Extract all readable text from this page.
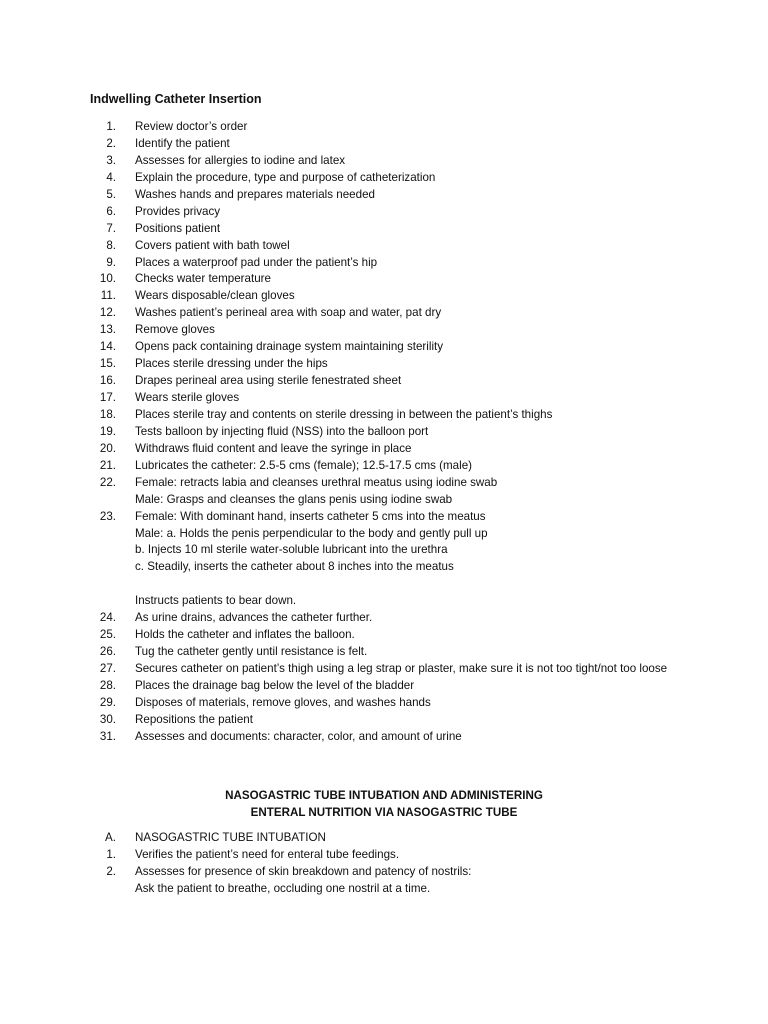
Indwelling Catheter Insertion
1. Review doctor’s order
2. Identify the patient
3. Assesses for allergies to iodine and latex
4. Explain the procedure, type and purpose of catheterization
5. Washes hands and prepares materials needed
6. Provides privacy
7. Positions patient
8. Covers patient with bath towel
9. Places a waterproof pad under the patient’s hip
10. Checks water temperature
11. Wears disposable/clean gloves
12. Washes patient’s perineal area with soap and water, pat dry
13. Remove gloves
14. Opens pack containing drainage system maintaining sterility
15. Places sterile dressing under the hips
16. Drapes perineal area using sterile fenestrated sheet
17. Wears sterile gloves
18. Places sterile tray and contents on sterile dressing in between the patient’s thighs
19. Tests balloon by injecting fluid (NSS) into the balloon port
20. Withdraws fluid content and leave the syringe in place
21. Lubricates the catheter: 2.5-5 cms (female); 12.5-17.5 cms (male)
22. Female: retracts labia and cleanses urethral meatus using iodine swab
Male: Grasps and cleanses the glans penis using iodine swab
23. Female: With dominant hand, inserts catheter 5 cms into the meatus
Male: a. Holds the penis perpendicular to the body and gently pull up
b. Injects 10 ml sterile water-soluble lubricant into the urethra
c. Steadily, inserts the catheter about 8 inches into the meatus
Instructs patients to bear down.
24. As urine drains, advances the catheter further.
25. Holds the catheter and inflates the balloon.
26. Tug the catheter gently until resistance is felt.
27. Secures catheter on patient’s thigh using a leg strap or plaster, make sure it is not too tight/not too loose
28. Places the drainage bag below the level of the bladder
29. Disposes of materials, remove gloves, and washes hands
30. Repositions the patient
31. Assesses and documents: character, color, and amount of urine
NASOGASTRIC TUBE INTUBATION AND ADMINISTERING
ENTERAL NUTRITION VIA NASOGASTRIC TUBE
A. NASOGASTRIC TUBE INTUBATION
1. Verifies the patient’s need for enteral tube feedings.
2. Assesses for presence of skin breakdown and patency of nostrils:
Ask the patient to breathe, occluding one nostril at a time.
